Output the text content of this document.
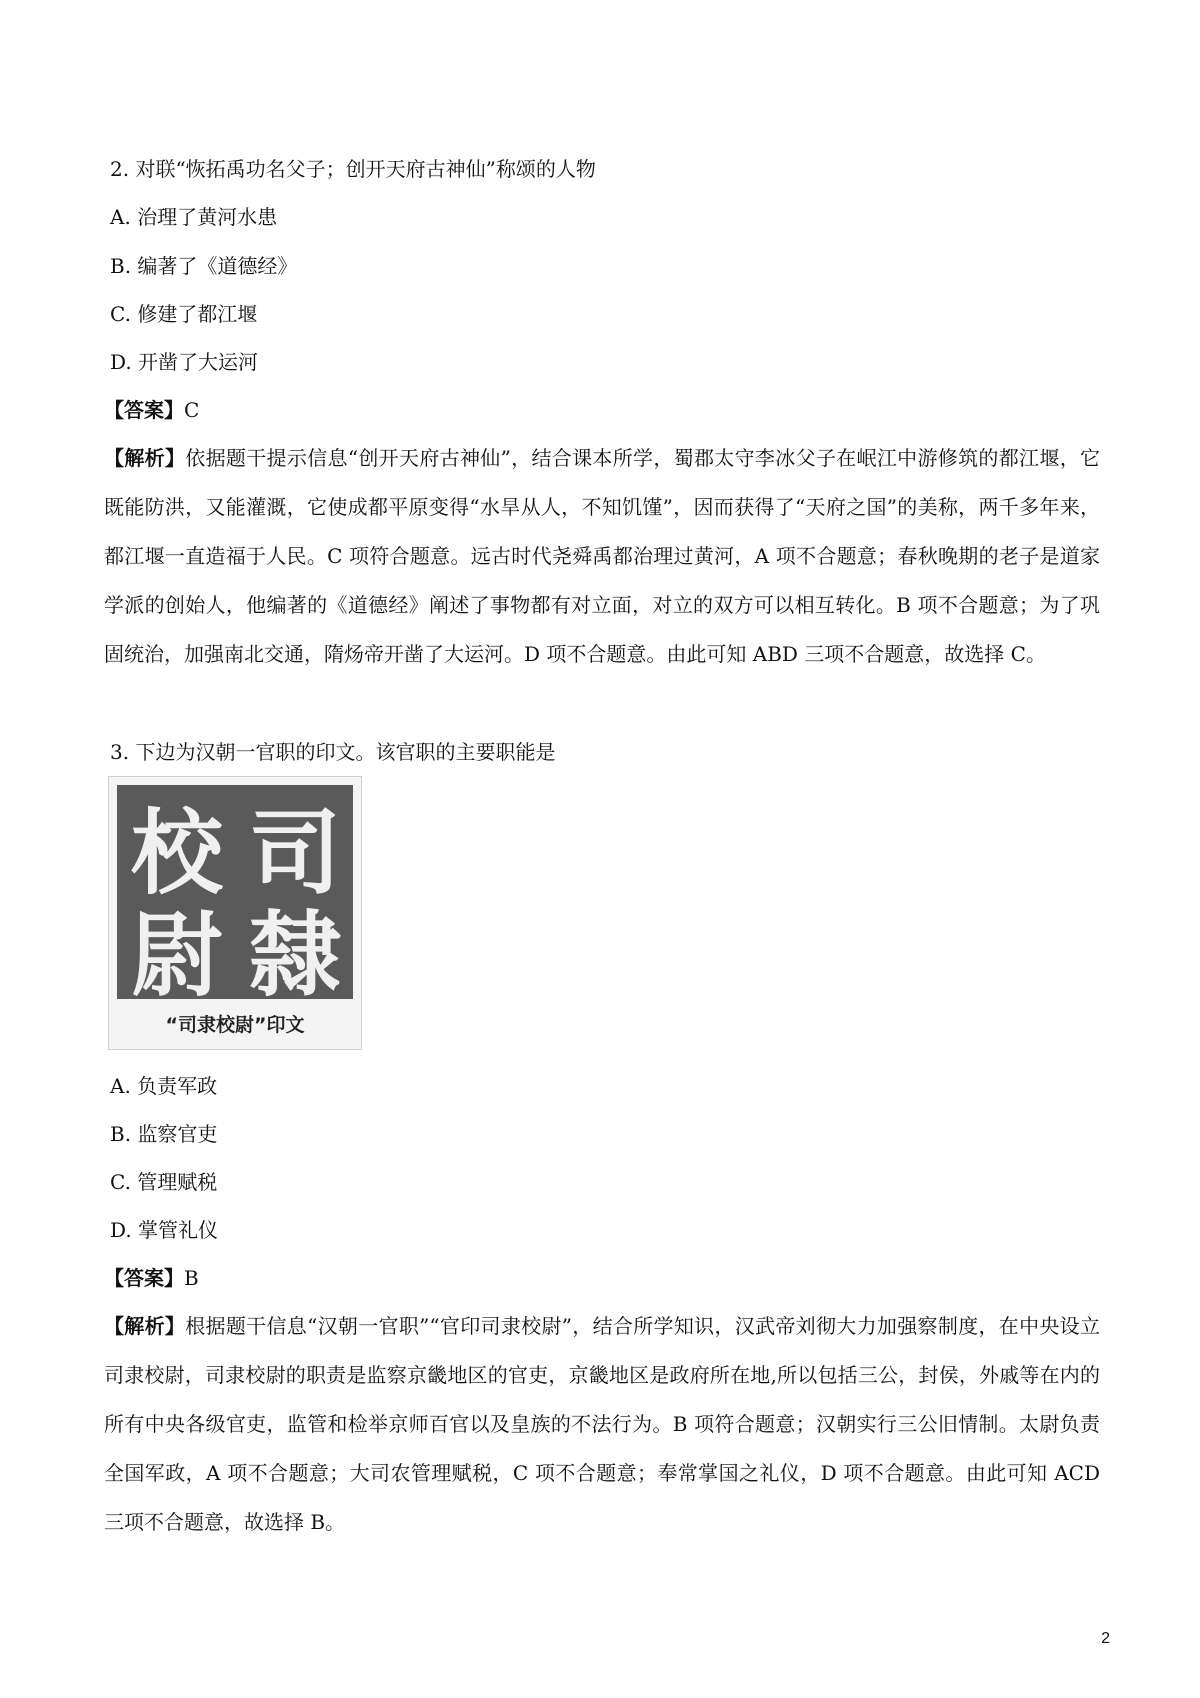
2. 对联“恢拓禹功名父子；创开天府古神仙”称颂的人物
A. 治理了黄河水患
B. 编著了《道德经》
C. 修建了都江堰
D. 开凿了大运河
【答案】C
【解析】依据题干提示信息“创开天府古神仙”，结合课本所学，蜀郡太守李冰父子在岷江中游修筑的都江堰，它既能防洪，又能灌溉，它使成都平原变得“水旱从人，不知饥馑”，因而获得了“天府之国”的美称，两千多年来，都江堰一直造福于人民。C 项符合题意。远古时代尧舜禹都治理过黄河，A 项不合题意；春秋晚期的老子是道家学派的创始人，他编著的《道德经》阐述了事物都有对立面，对立的双方可以相互转化。B 项不合题意；为了巩固统治，加强南北交通，隋炀帝开凿了大运河。D 项不合题意。由此可知 ABD 三项不合题意，故选择 C。
3. 下边为汉朝一官职的印文。该官职的主要职能是
司
隸
校
尉
“司隶校尉”印文
A. 负责军政
B. 监察官吏
C. 管理赋税
D. 掌管礼仪
【答案】B
【解析】根据题干信息“汉朝一官职”“官印司隶校尉”，结合所学知识，汉武帝刘彻大力加强察制度，在中央设立司隶校尉，司隶校尉的职责是监察京畿地区的官吏，京畿地区是政府所在地,所以包括三公，封侯，外戚等在内的所有中央各级官吏，监管和检举京师百官以及皇族的不法行为。B 项符合题意；汉朝实行三公旧情制。太尉负责全国军政，A 项不合题意；大司农管理赋税，C 项不合题意；奉常掌国之礼仪，D 项不合题意。由此可知 ACD 三项不合题意，故选择 B。
2
